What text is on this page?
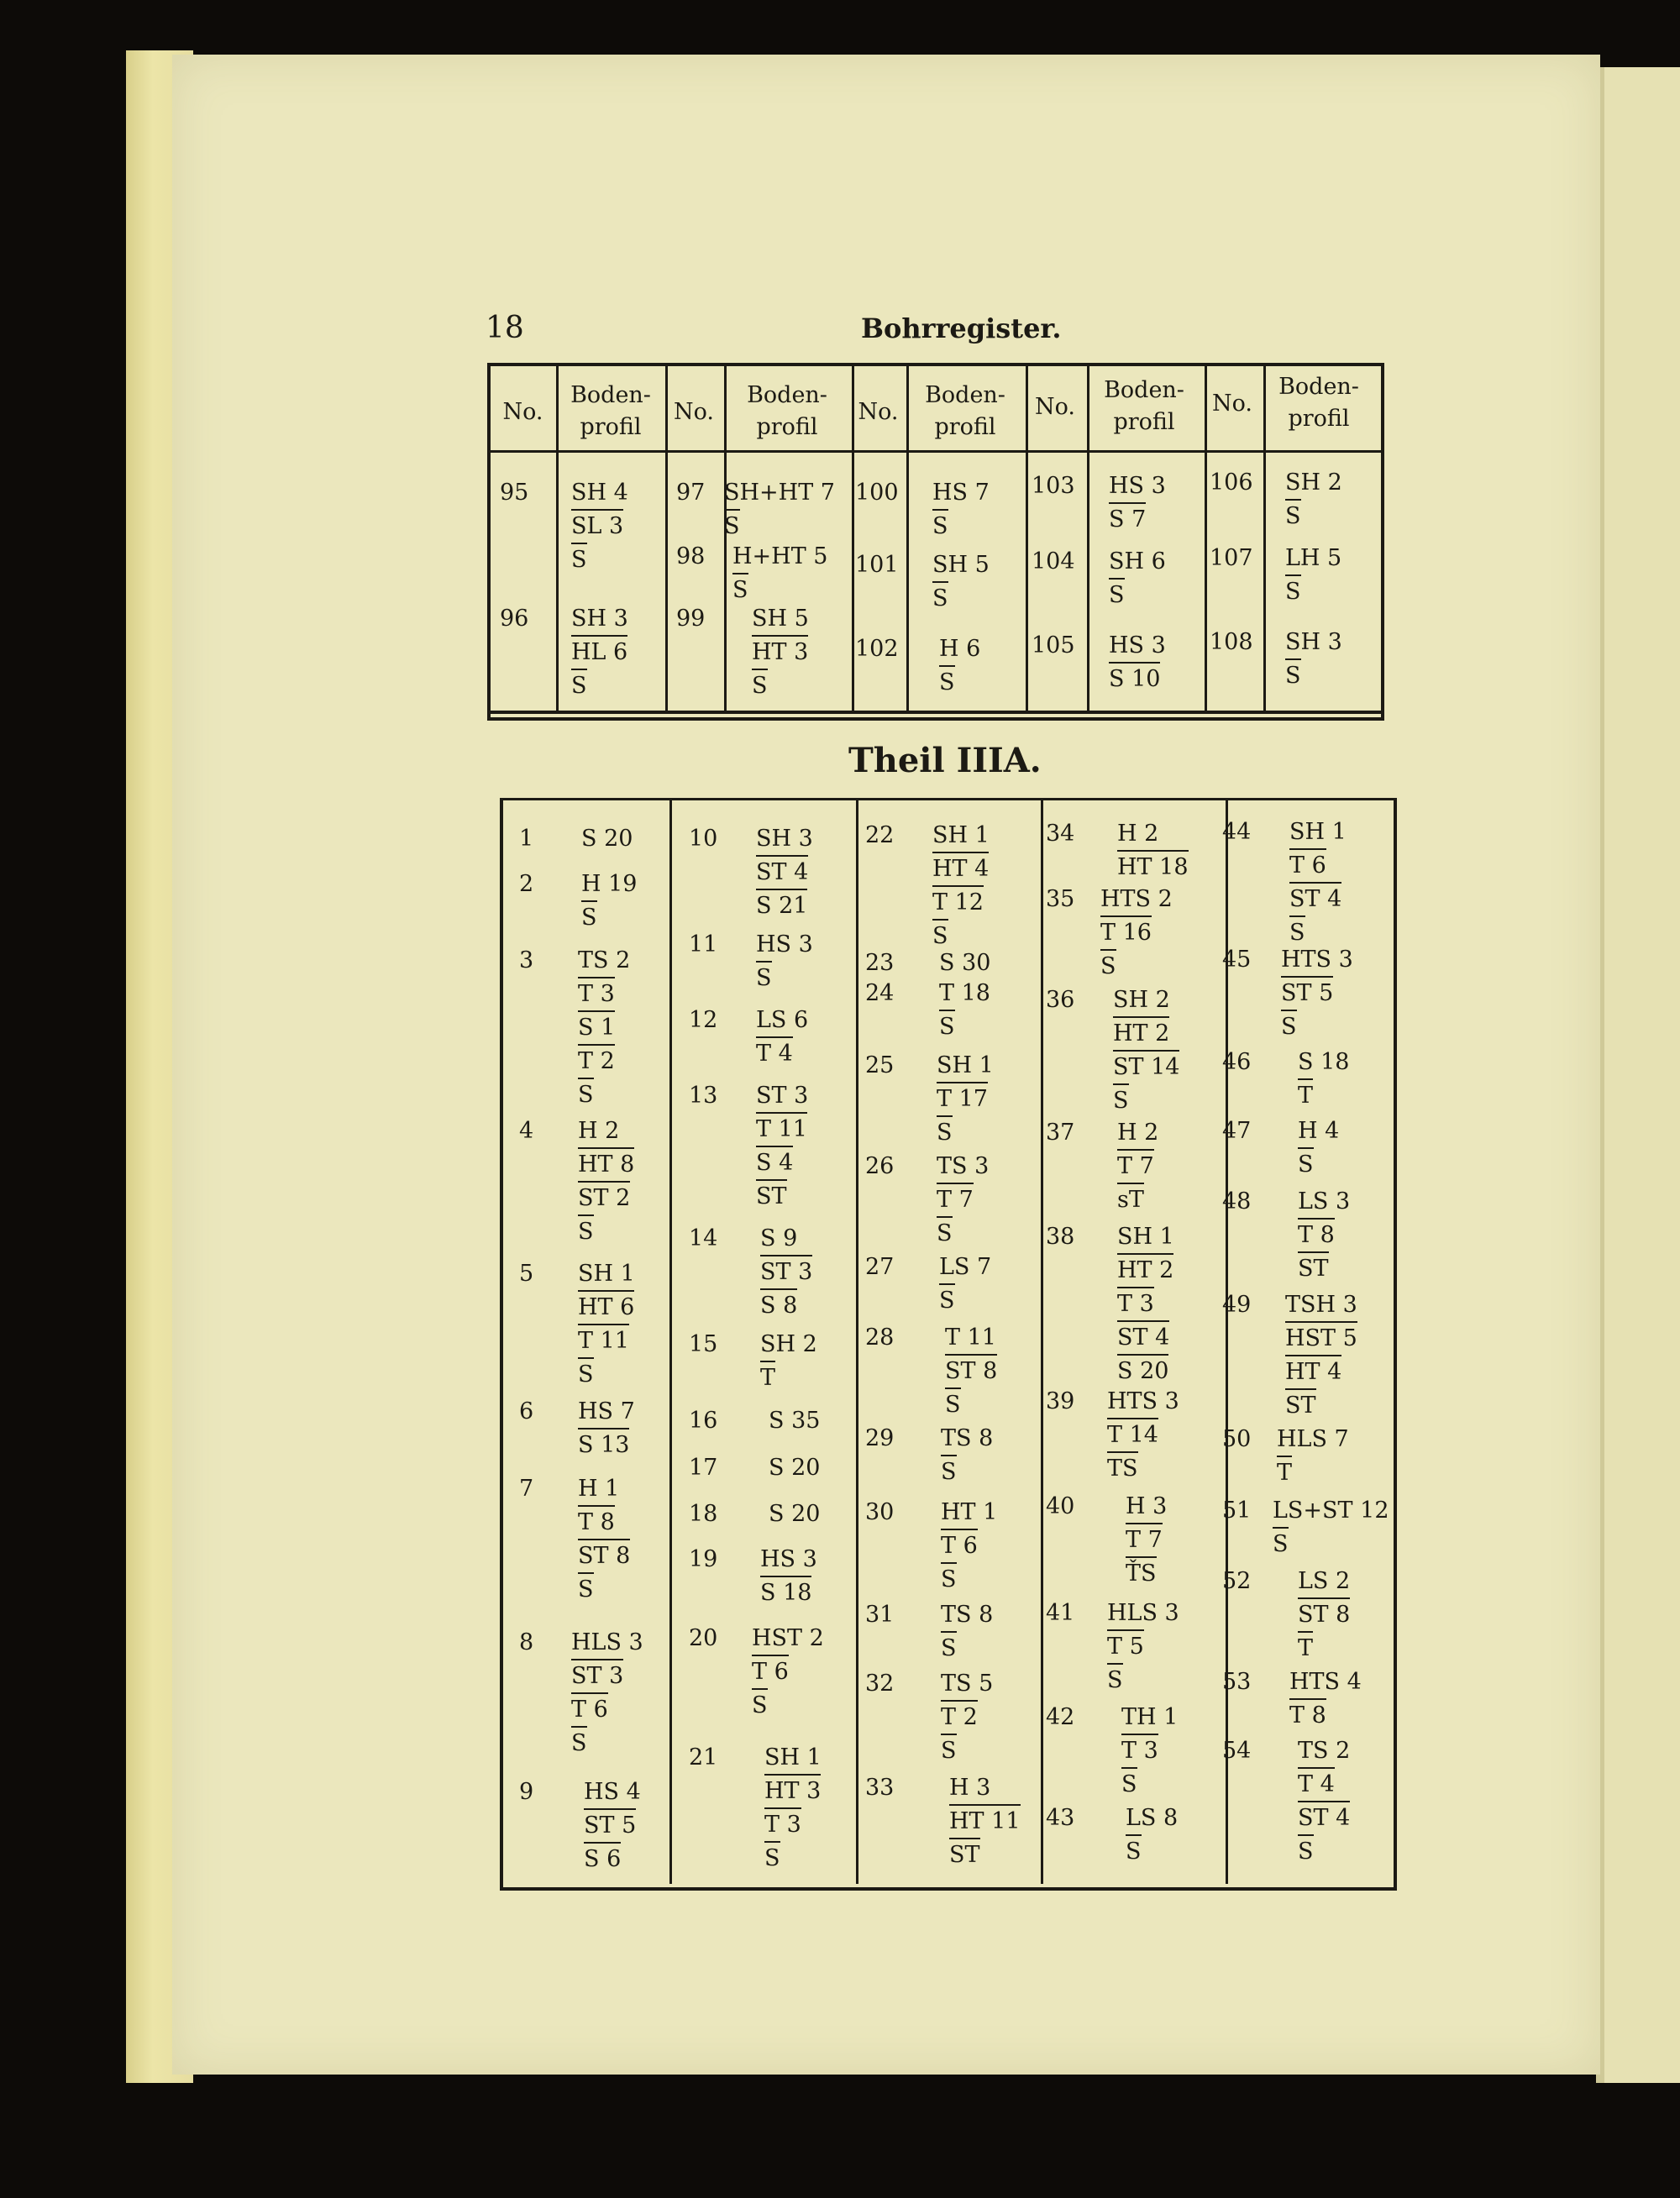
18	Bohrregister.
No.
Boden-
profil
No.
Boden-
profil
No.
Boden-
profil
No.
Boden-
profil
No.
Boden-
profil
Theil IIIA.
95 SH 4
SL 3
S
96 SH 3
HL 6
S
97 SH+HT 7
S
98 H+HT 5
S
99 SH 5
HT 3
S
100 HS 7
S
101 SH 5
S
102 H 6
S
103 HS 3
S 7
104 SH 6
S
105 HS 3
S 10
106 SH 2
S
107 LH 5
S
108 SH 3
S
1 S 20
2 H 19
S
3 TS 2
T 3
S 1
T 2
S
4 H 2
HT 8
ST 2
S
5 SH 1
HT 6
T 11
S
6 HS 7
S 13
7 H 1
T 8
ST 8
S
8 HLS 3
ST 3
T 6
S
9 HS 4
ST 5
S 6
10 SH 3
ST 4
S 21
11 HS 3
S
12 LS 6
T 4
13 ST 3
T 11
S 4
ST
14 S 9
ST 3
S 8
15 SH 2
T
16 S 35
17 S 20
18 S 20
19 HS 3
S 18
20 HST 2
T 6
S
21 SH 1
HT 3
T 3
S
22 SH 1
HT 4
T 12
S
23 S 30
24 T 18
S
25 SH 1
T 17
S
26 TS 3
T 7
S
27 LS 7
S
28 T 11
ST 8
S
29 TS 8
S
30 HT 1
T 6
S
31 TS 8
S
32 TS 5
T 2
S
33 H 3
HT 11
ST
34 H 2
HT 18
35 HTS 2
T 16
S
36 SH 2
HT 2
ST 14
S
37 H 2
T 7
sT
38 SH 1
HT 2
T 3
ST 4
S 20
39 HTS 3
T 14
TS
40 H 3
T 7
ŤS
41 HLS 3
T 5
S
42 TH 1
T 3
S
43 LS 8
S
44 SH 1
T 6
ST 4
S
45 HTS 3
ST 5
S
46 S 18
T
47 H 4
S
48 LS 3
T 8
ST
49 TSH 3
HST 5
HT 4
ST
50 HLS 7
T
51 LS+ST 12
S
52 LS 2
ST 8
T
53 HTS 4
T 8
54 TS 2
T 4
ST 4
S
